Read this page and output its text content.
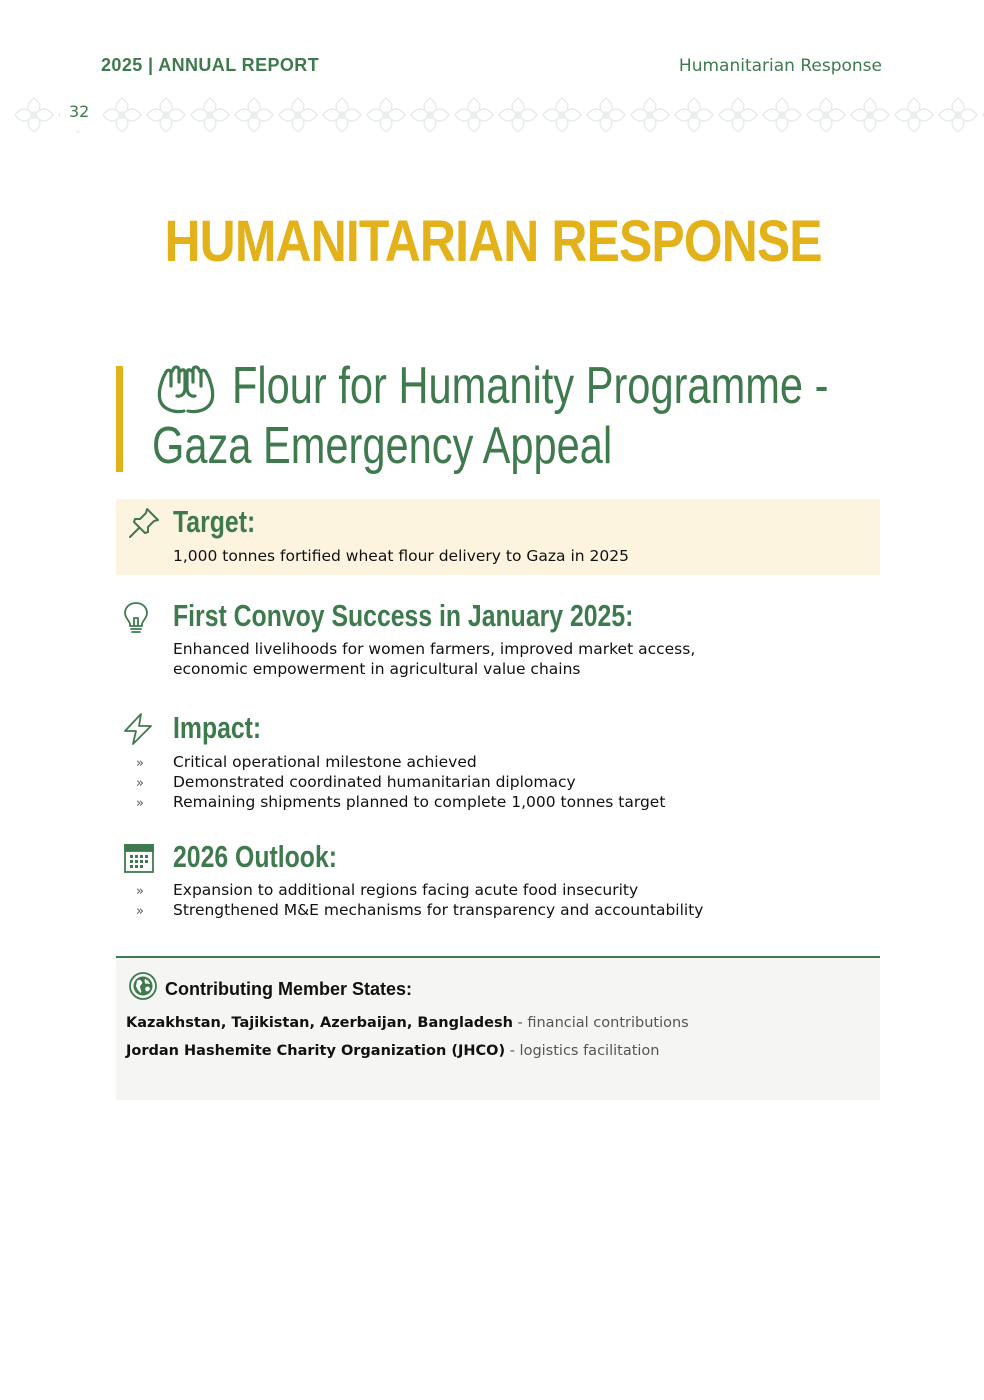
2025 | ANNUAL REPORT	Humanitarian Response
32
HUMANITARIAN RESPONSE
Flour for Humanity Programme -
Gaza Emergency Appeal
Target:
1,000 tonnes fortified wheat flour delivery to Gaza in 2025
First Convoy Success in January 2025:
Enhanced livelihoods for women farmers, improved market access,
economic empowerment in agricultural value chains
Impact:
» Critical operational milestone achieved
» Demonstrated coordinated humanitarian diplomacy
» Remaining shipments planned to complete 1,000 tonnes target
2026 Outlook:
» Expansion to additional regions facing acute food insecurity
» Strengthened M&E mechanisms for transparency and accountability
Contributing Member States:
Kazakhstan, Tajikistan, Azerbaijan, Bangladesh - financial contributions
Jordan Hashemite Charity Organization (JHCO) - logistics facilitation
